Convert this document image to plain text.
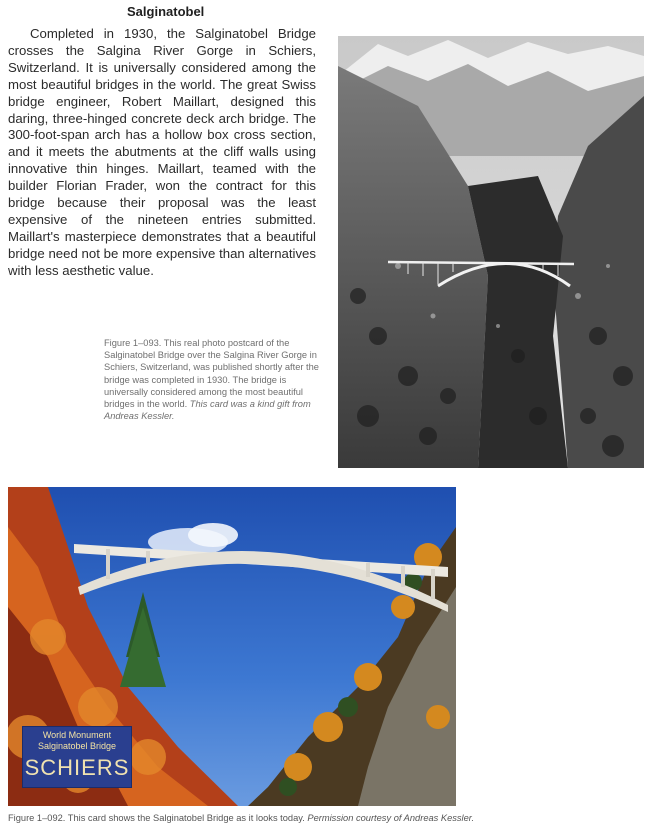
Salginatobel

Completed in 1930, the Salginatobel Bridge crosses the Salgina River Gorge in Schiers, Switzerland. It is universally considered among the most beautiful bridges in the world. The great Swiss bridge engineer, Robert Maillart, designed this daring, three-hinged concrete deck arch bridge. The 300-foot-span arch has a hollow box cross section, and it meets the abutments at the cliff walls using innovative thin hinges. Maillart, teamed with the builder Florian Frader, won the contract for this bridge because their proposal was the least expensive of the nineteen entries submitted. Maillart's masterpiece demonstrates that a beautiful bridge need not be more expensive than alternatives with less aesthetic value.

Figure 1–093. This real photo postcard of the Salginatobel Bridge over the Salgina River Gorge in Schiers, Switzerland, was published shortly after the bridge was completed in 1930. The bridge is universally considered among the most beautiful bridges in the world. This card was a kind gift from Andreas Kessler.

World Monument
Salginatobel Bridge
SCHIERS

Figure 1–092. This card shows the Salginatobel Bridge as it looks today. Permission courtesy of Andreas Kessler.
